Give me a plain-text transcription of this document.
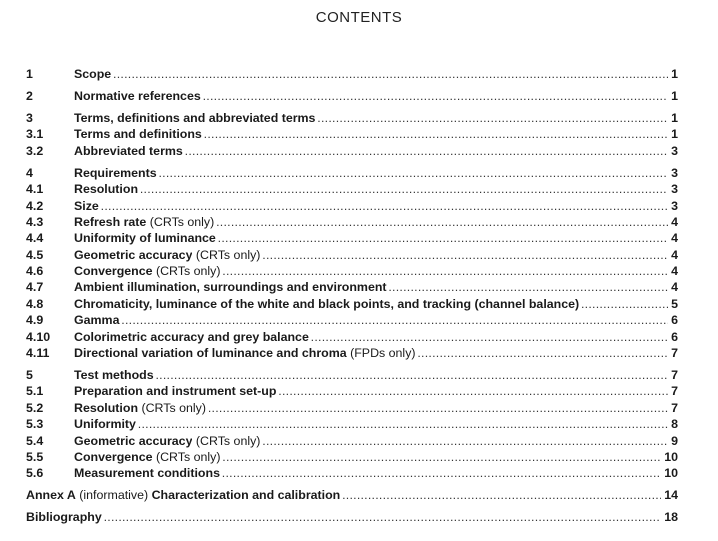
CONTENTS
1	Scope . . .	1
2	Normative references . . .	1
3	Terms, definitions and abbreviated terms . . .	1
3.1 Terms and definitions . . .	1
3.2 Abbreviated terms . . .	3
4	Requirements . . .	3
4.1 Resolution . . .	3
4.2 Size . . .	3
4.3 Refresh rate (CRTs only) . . .	4
4.4 Uniformity of luminance . . .	4
4.5 Geometric accuracy (CRTs only) . . .	4
4.6 Convergence (CRTs only) . . .	4
4.7 Ambient illumination, surroundings and environment . . .	4
4.8 Chromaticity, luminance of the white and black points, and tracking (channel balance) . . .	5
4.9 Gamma . . .	6
4.10 Colorimetric accuracy and grey balance . . .	6
4.11 Directional variation of luminance and chroma (FPDs only) . . .	7
5	Test methods . . .	7
5.1 Preparation and instrument set-up . . .	7
5.2 Resolution (CRTs only) . . .	7
5.3 Uniformity . . .	8
5.4 Geometric accuracy (CRTs only) . . .	9
5.5 Convergence (CRTs only) . . .	10
5.6 Measurement conditions . . .	10
Annex A (informative) Characterization and calibration . . .	14
Bibliography . . .	18
